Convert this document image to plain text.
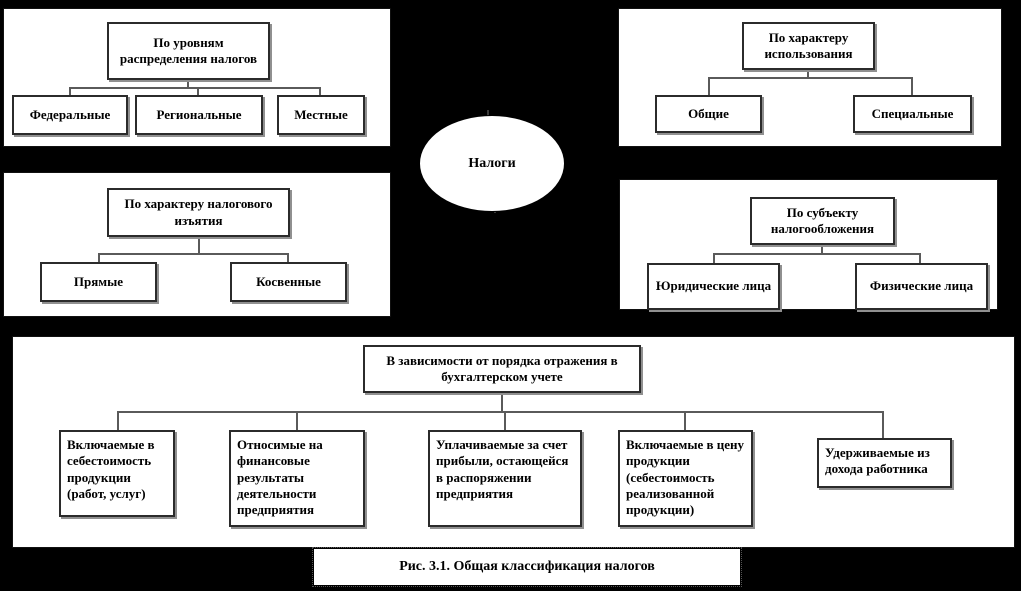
По уровням распределения налогов
Федеральные	Региональные	Местные
По характеру использования
Общие	Специальные
По характеру налогового изъятия
Прямые	Косвенные
По субъекту налогообложения
Юридические лица	Физические лица
Налоги
В зависимости от порядка отражения в бухгалтерском учете
Включаемые в себестоимость продукции (работ, услуг)
Относимые на финансовые результаты деятельности предприятия
Уплачиваемые за счет прибыли, остающейся в распоряжении предприятия
Включаемые в цену продукции (себестоимость реализованной продукции)
Удерживаемые из дохода работника
Рис. 3.1. Общая классификация налогов
